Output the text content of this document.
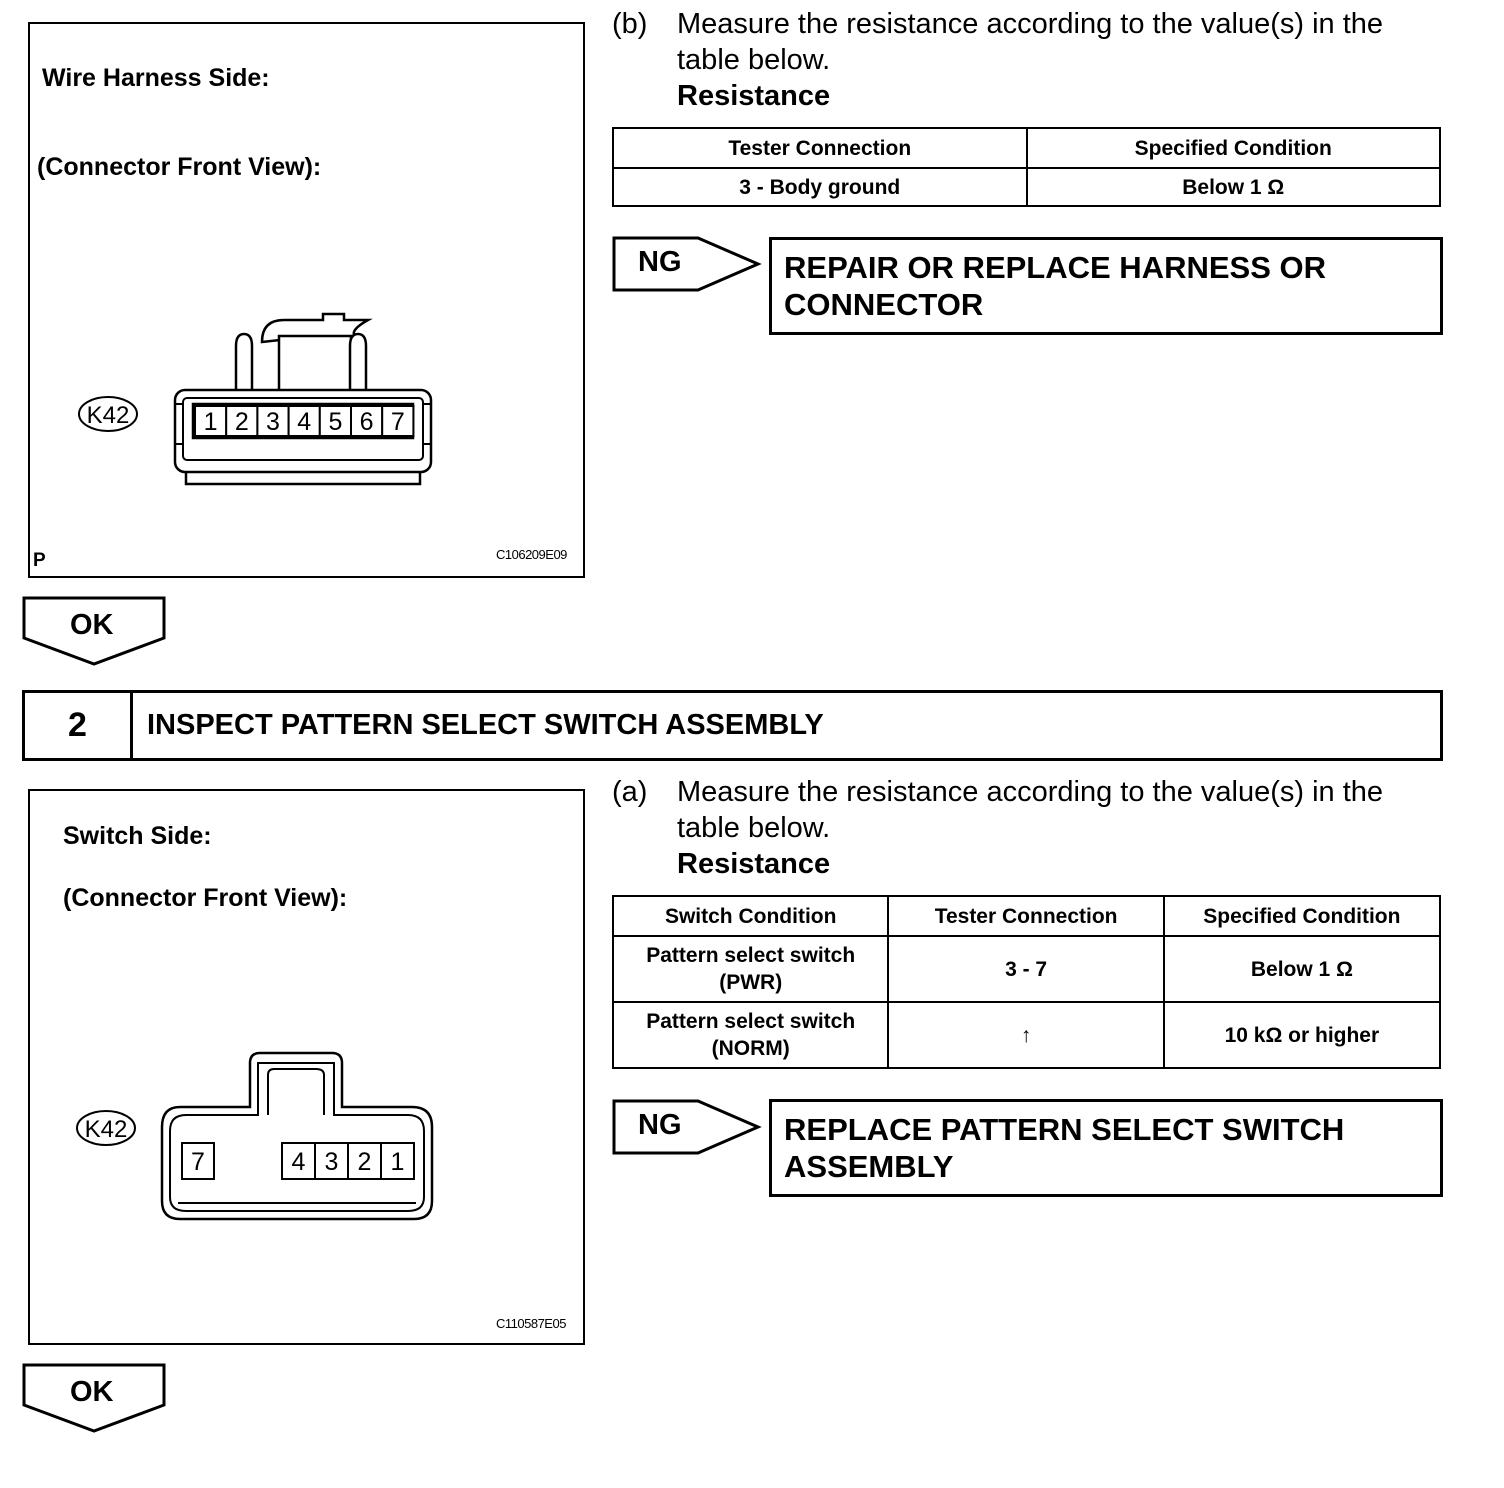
Wire Harness Side:
(Connector Front View):
1 2 3 4 5 6 7
K42
P	C106209E09
OK
(b) Measure the resistance according to the value(s) in the
table below.
Resistance
Tester Connection	Specified Condition
3 - Body ground	Below 1 Ω
NG	REPAIR OR REPLACE HARNESS OR
CONNECTOR
2	INSPECT PATTERN SELECT SWITCH ASSEMBLY
Switch Side:
(Connector Front View):
7	4 3 2 1
K42
C110587E05
OK
(a) Measure the resistance according to the value(s) in the
table below.
Resistance
Switch Condition	Tester Connection	Specified Condition

Pattern select switch
(PWR)	3 - 7	Below 1 Ω

Pattern select switch
(NORM)	↑	10 kΩ or higher
NG	REPLACE PATTERN SELECT SWITCH
ASSEMBLY
